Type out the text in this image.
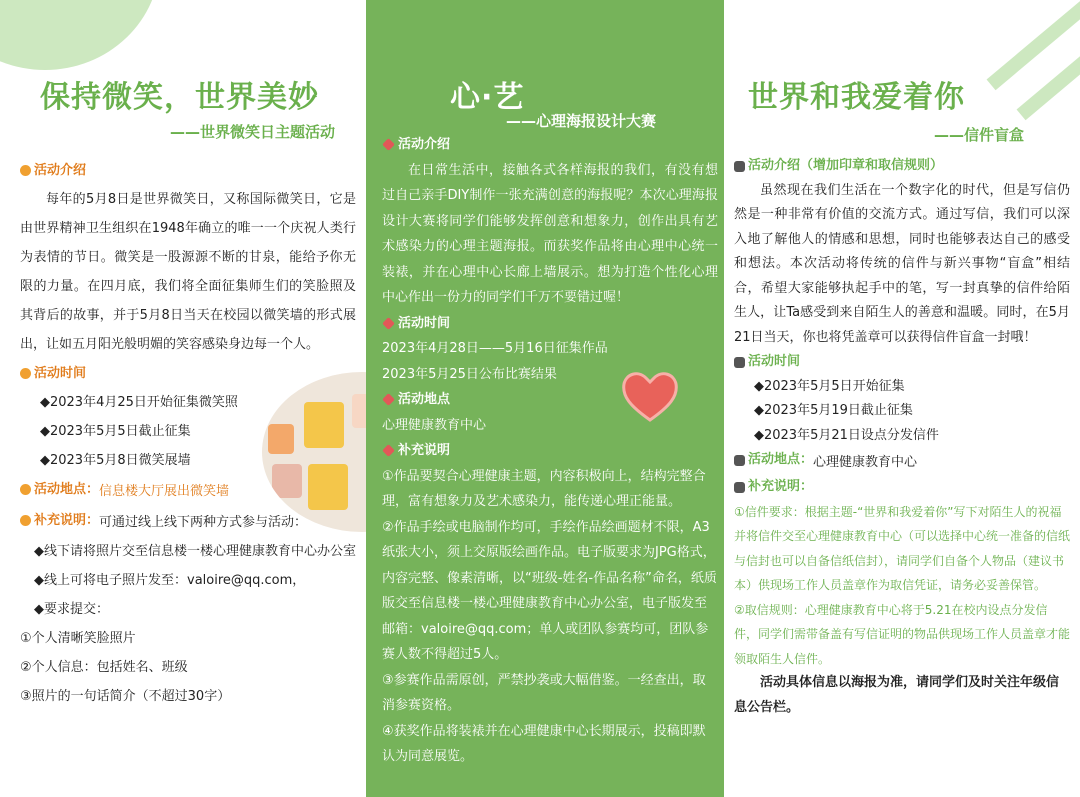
保持微笑，世界美妙
——世界微笑日主题活动
活动介绍
每年的5月8日是世界微笑日，又称国际微笑日，它是由世界精神卫生组织在1948年确立的唯一一个庆祝人类行为表情的节日。微笑是一股源源不断的甘泉，能给予你无限的力量。在四月底，我们将全面征集师生们的笑脸照及其背后的故事，并于5月8日当天在校园以微笑墙的形式展出，让如五月阳光般明媚的笑容感染身边每一个人。
活动时间
◆2023年4月25日开始征集微笑照
◆2023年5月5日截止征集
◆2023年5月8日微笑展墙
活动地点： 信息楼大厅展出微笑墙
补充说明： 可通过线上线下两种方式参与活动：
◆线下请将照片交至信息楼一楼心理健康教育中心办公室
◆线上可将电子照片发至：valoire@qq.com，
◆要求提交：
①个人清晰笑脸照片
②个人信息：包括姓名、班级
③照片的一句话简介（不超过30字）
心·艺
——心理海报设计大赛
活动介绍
在日常生活中，接触各式各样海报的我们，有没有想过自己亲手DIY制作一张充满创意的海报呢？本次心理海报设计大赛将同学们能够发挥创意和想象力，创作出具有艺术感染力的心理主题海报。而获奖作品将由心理中心统一装裱，并在心理中心长廊上墙展示。想为打造个性化心理中心作出一份力的同学们千万不要错过喔！
活动时间
2023年4月28日——5月16日征集作品
2023年5月25日公布比赛结果
活动地点
心理健康教育中心
补充说明
①作品要契合心理健康主题，内容积极向上，结构完整合理，富有想象力及艺术感染力，能传递心理正能量。
②作品手绘或电脑制作均可，手绘作品绘画题材不限，A3纸张大小，须上交原版绘画作品。电子版要求为JPG格式，内容完整、像素清晰，以“班级-姓名-作品名称”命名，纸质版交至信息楼一楼心理健康教育中心办公室，电子版发至邮箱：valoire@qq.com；单人或团队参赛均可，团队参赛人数不得超过5人。
③参赛作品需原创，严禁抄袭或大幅借鉴。一经查出，取消参赛资格。
④获奖作品将装裱并在心理健康中心长期展示，投稿即默认为同意展览。
世界和我爱着你
——信件盲盒
活动介绍（增加印章和取信规则）
虽然现在我们生活在一个数字化的时代，但是写信仍然是一种非常有价值的交流方式。通过写信，我们可以深入地了解他人的情感和思想，同时也能够表达自己的感受和想法。本次活动将传统的信件与新兴事物“盲盒”相结合，希望大家能够执起手中的笔，写一封真挚的信件给陌生人，让Ta感受到来自陌生人的善意和温暖。同时，在5月21日当天，你也将凭盖章可以获得信件盲盒一封哦！
活动时间
◆2023年5月5日开始征集
◆2023年5月19日截止征集
◆2023年5月21日设点分发信件
活动地点： 心理健康教育中心
补充说明：
①信件要求：根据主题-“世界和我爱着你”写下对陌生人的祝福并将信件交至心理健康教育中心（可以选择中心统一准备的信纸与信封也可以自备信纸信封），请同学们自备个人物品（建议书本）供现场工作人员盖章作为取信凭证，请务必妥善保管。
②取信规则：心理健康教育中心将于5.21在校内设点分发信件，同学们需带备盖有写信证明的物品供现场工作人员盖章才能领取陌生人信件。
活动具体信息以海报为准，请同学们及时关注年级信息公告栏。
